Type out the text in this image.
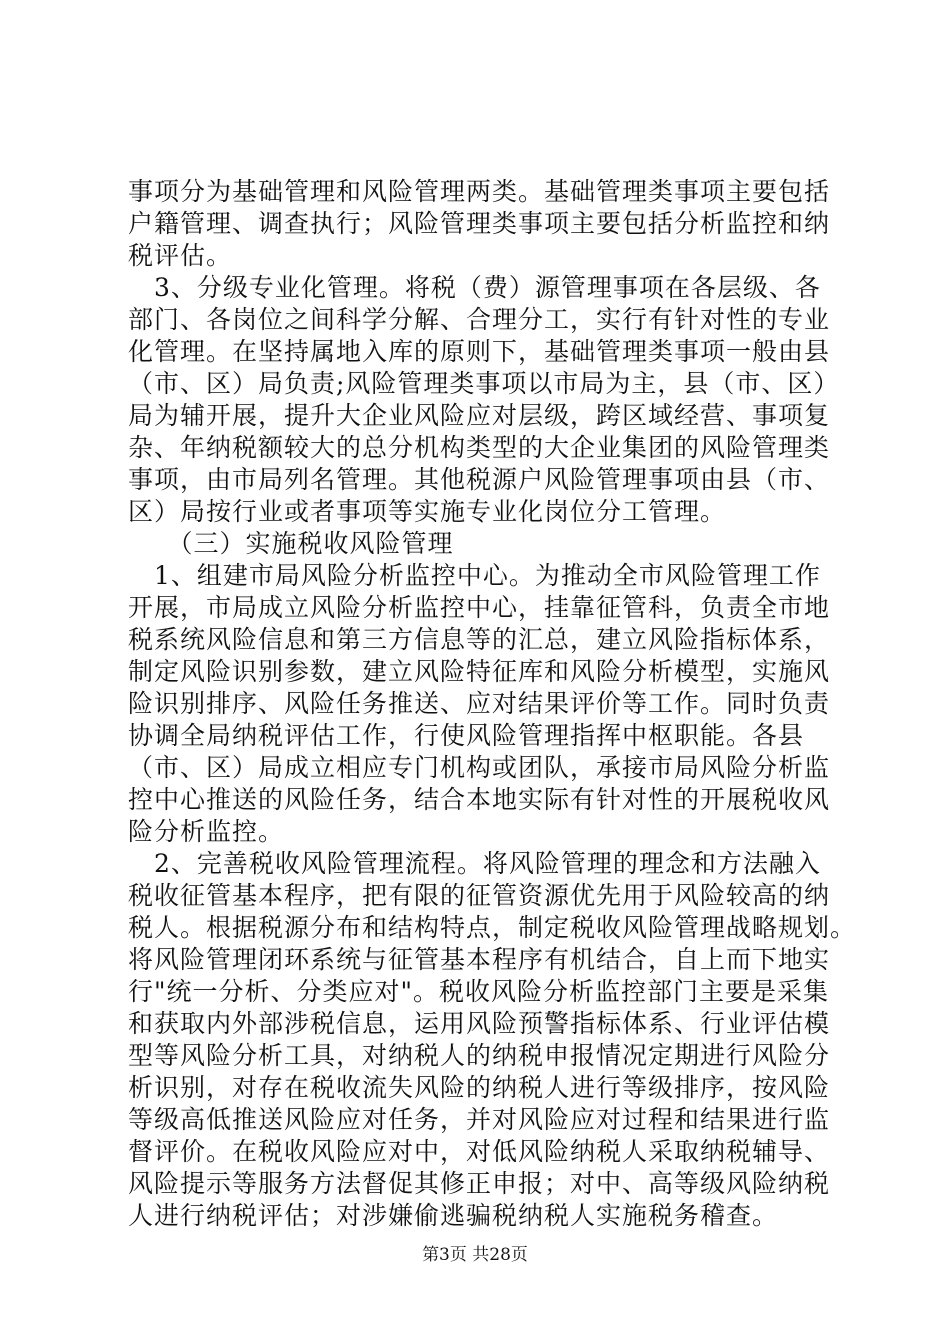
事项分为基础管理和风险管理两类。基础管理类事项主要包括
户籍管理、调查执行；风险管理类事项主要包括分析监控和纳
税评估。
　3、分级专业化管理。将税（费）源管理事项在各层级、各
部门、各岗位之间科学分解、合理分工，实行有针对性的专业
化管理。在坚持属地入库的原则下，基础管理类事项一般由县
（市、区）局负责;风险管理类事项以市局为主，县（市、区）
局为辅开展，提升大企业风险应对层级，跨区域经营、事项复
杂、年纳税额较大的总分机构类型的大企业集团的风险管理类
事项，由市局列名管理。其他税源户风险管理事项由县（市、
区）局按行业或者事项等实施专业化岗位分工管理。
　　（三）实施税收风险管理
　1、组建市局风险分析监控中心。为推动全市风险管理工作
开展，市局成立风险分析监控中心，挂靠征管科，负责全市地
税系统风险信息和第三方信息等的汇总，建立风险指标体系，
制定风险识别参数，建立风险特征库和风险分析模型，实施风
险识别排序、风险任务推送、应对结果评价等工作。同时负责
协调全局纳税评估工作，行使风险管理指挥中枢职能。各县
（市、区）局成立相应专门机构或团队，承接市局风险分析监
控中心推送的风险任务，结合本地实际有针对性的开展税收风
险分析监控。
　2、完善税收风险管理流程。将风险管理的理念和方法融入
税收征管基本程序，把有限的征管资源优先用于风险较高的纳
税人。根据税源分布和结构特点，制定税收风险管理战略规划。
将风险管理闭环系统与征管基本程序有机结合，自上而下地实
行"统一分析、分类应对"。税收风险分析监控部门主要是采集
和获取内外部涉税信息，运用风险预警指标体系、行业评估模
型等风险分析工具，对纳税人的纳税申报情况定期进行风险分
析识别，对存在税收流失风险的纳税人进行等级排序，按风险
等级高低推送风险应对任务，并对风险应对过程和结果进行监
督评价。在税收风险应对中，对低风险纳税人采取纳税辅导、
风险提示等服务方法督促其修正申报；对中、高等级风险纳税
人进行纳税评估；对涉嫌偷逃骗税纳税人实施税务稽查。
第3页 共28页
